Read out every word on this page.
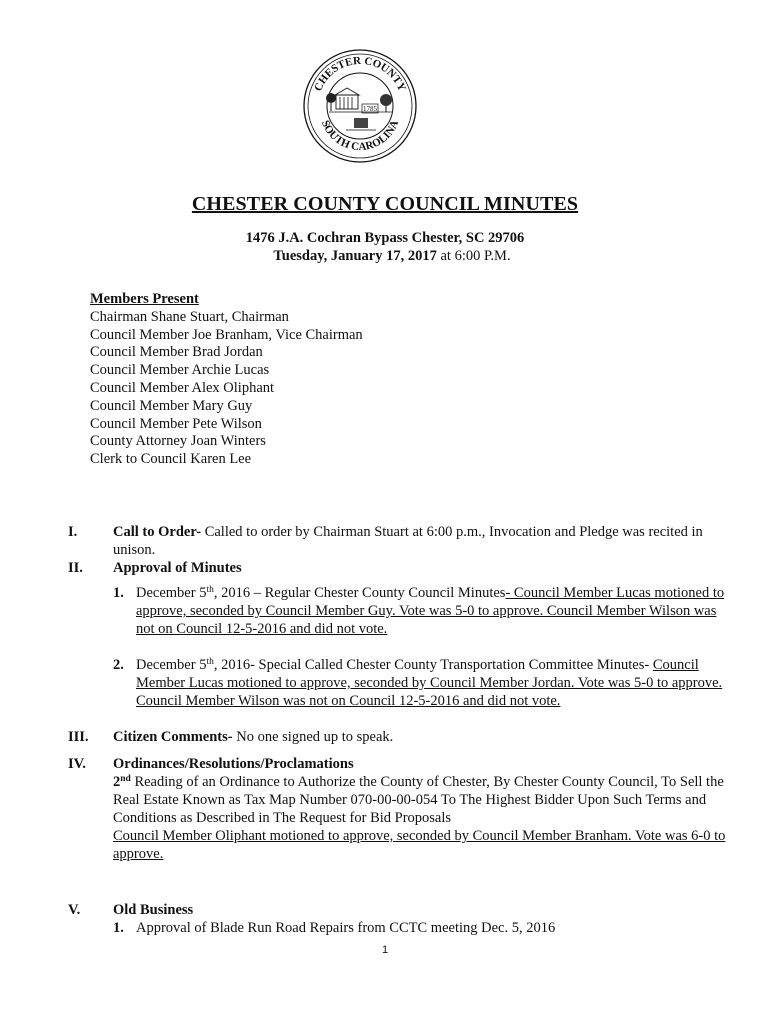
CHESTER COUNTY
SOUTH CAROLINA
1785
CHESTER COUNTY COUNCIL MINUTES
1476 J.A. Cochran Bypass Chester, SC 29706
Tuesday, January 17, 2017 at 6:00 P.M.
Members Present
Chairman Shane Stuart, Chairman
Council Member Joe Branham, Vice Chairman
Council Member Brad Jordan
Council Member Archie Lucas
Council Member Alex Oliphant
Council Member Mary Guy
Council Member Pete Wilson
County Attorney Joan Winters
Clerk to Council Karen Lee
I. Call to Order- Called to order by Chairman Stuart at 6:00 p.m., Invocation and Pledge was recited in unison.
II. Approval of Minutes
1. December 5th, 2016 – Regular Chester County Council Minutes- Council Member Lucas motioned to approve, seconded by Council Member Guy. Vote was 5-0 to approve. Council Member Wilson was not on Council 12-5-2016 and did not vote.
2. December 5th, 2016- Special Called Chester County Transportation Committee Minutes- Council Member Lucas motioned to approve, seconded by Council Member Jordan. Vote was 5-0 to approve. Council Member Wilson was not on Council 12-5-2016 and did not vote.
III. Citizen Comments- No one signed up to speak.
IV. Ordinances/Resolutions/Proclamations
2nd Reading of an Ordinance to Authorize the County of Chester, By Chester County Council, To Sell the Real Estate Known as Tax Map Number 070-00-00-054 To The Highest Bidder Upon Such Terms and Conditions as Described in The Request for Bid Proposals
Council Member Oliphant motioned to approve, seconded by Council Member Branham. Vote was 6-0 to approve.
V. Old Business
1. Approval of Blade Run Road Repairs from CCTC meeting Dec. 5, 2016
1
